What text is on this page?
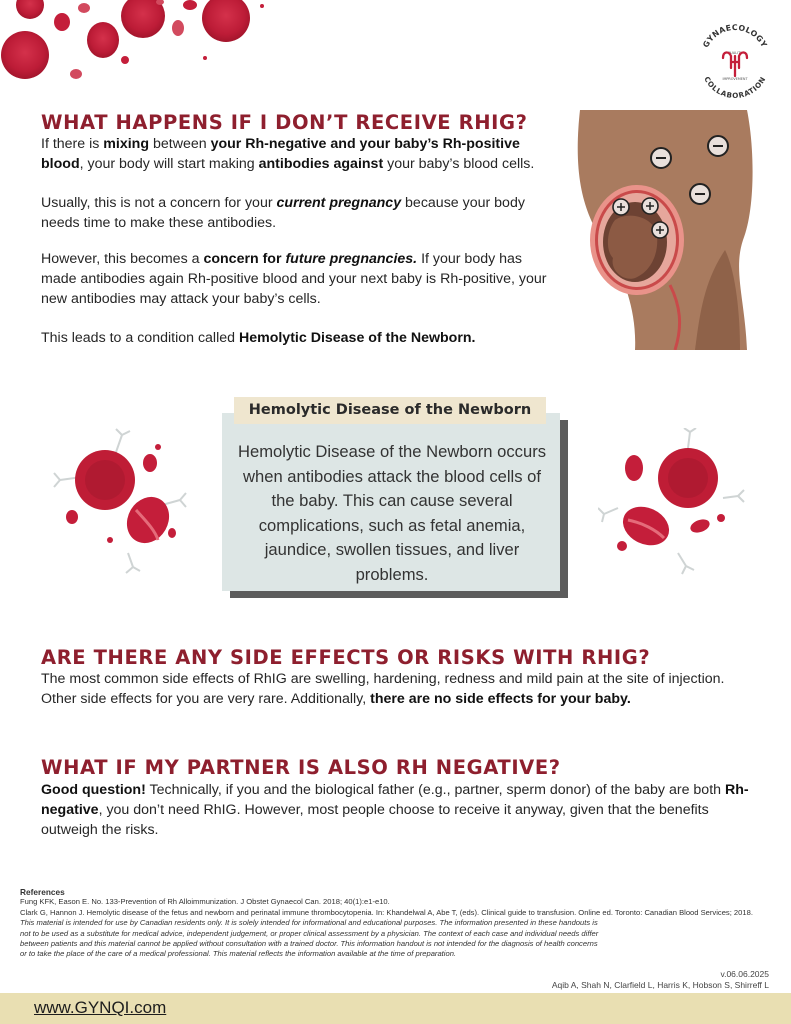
GYNAECOLOGY
COLLABORATION
QUALITY
IMPROVEMENT
WHAT HAPPENS IF I DON’T RECEIVE RHIG?

If there is mixing between your Rh-negative and your baby’s Rh-positive blood, your body will start making antibodies against your baby’s blood cells.

Usually, this is not a concern for your current pregnancy because your body needs time to make these antibodies.

However, this becomes a concern for future pregnancies. If your body has made antibodies again Rh-positive blood and your next baby is Rh-positive, your new antibodies may attack your baby’s cells.

This leads to a condition called Hemolytic Disease of the Newborn.

Hemolytic Disease of the Newborn
Hemolytic Disease of the Newborn occurs when antibodies attack the blood cells of the baby. This can cause several complications, such as fetal anemia, jaundice, swollen tissues, and liver problems.
ARE THERE ANY SIDE EFFECTS OR RISKS WITH RHIG?

The most common side effects of RhIG are swelling, hardening, redness and mild pain at the site of injection. Other side effects for you are very rare. Additionally, there are no side effects for your baby.

WHAT IF MY PARTNER IS ALSO RH NEGATIVE?

Good question! Technically, if you and the biological father (e.g., partner, sperm donor) of the baby are both Rh-negative, you don’t need RhIG. However, most people choose to receive it anyway, given that the benefits outweigh the risks.

References
Fung KFK, Eason E. No. 133-Prevention of Rh Alloimmunization. J Obstet Gynaecol Can. 2018; 40(1):e1-e10.
Clark G, Hannon J. Hemolytic disease of the fetus and newborn and perinatal immune thrombocytopenia. In: Khandelwal A, Abe T, (eds). Clinical guide to transfusion. Online ed. Toronto: Canadian Blood Services; 2018.
This material is intended for use by Canadian residents only. It is solely intended for informational and educational purposes. The information presented in these handouts is not to be used as a substitute for medical advice, independent judgement, or proper clinical assessment by a physician. The context of each case and individual needs differ between patients and this material cannot be applied without consultation with a trained doctor. This information handout is not intended for the diagnosis of health concerns or to take the place of the care of a medical professional. This material reflects the information available at the time of preparation.
v.06.06.2025
Aqib A, Shah N, Clarfield L, Harris K, Hobson S, Shirreff L
www.GYNQI.com
